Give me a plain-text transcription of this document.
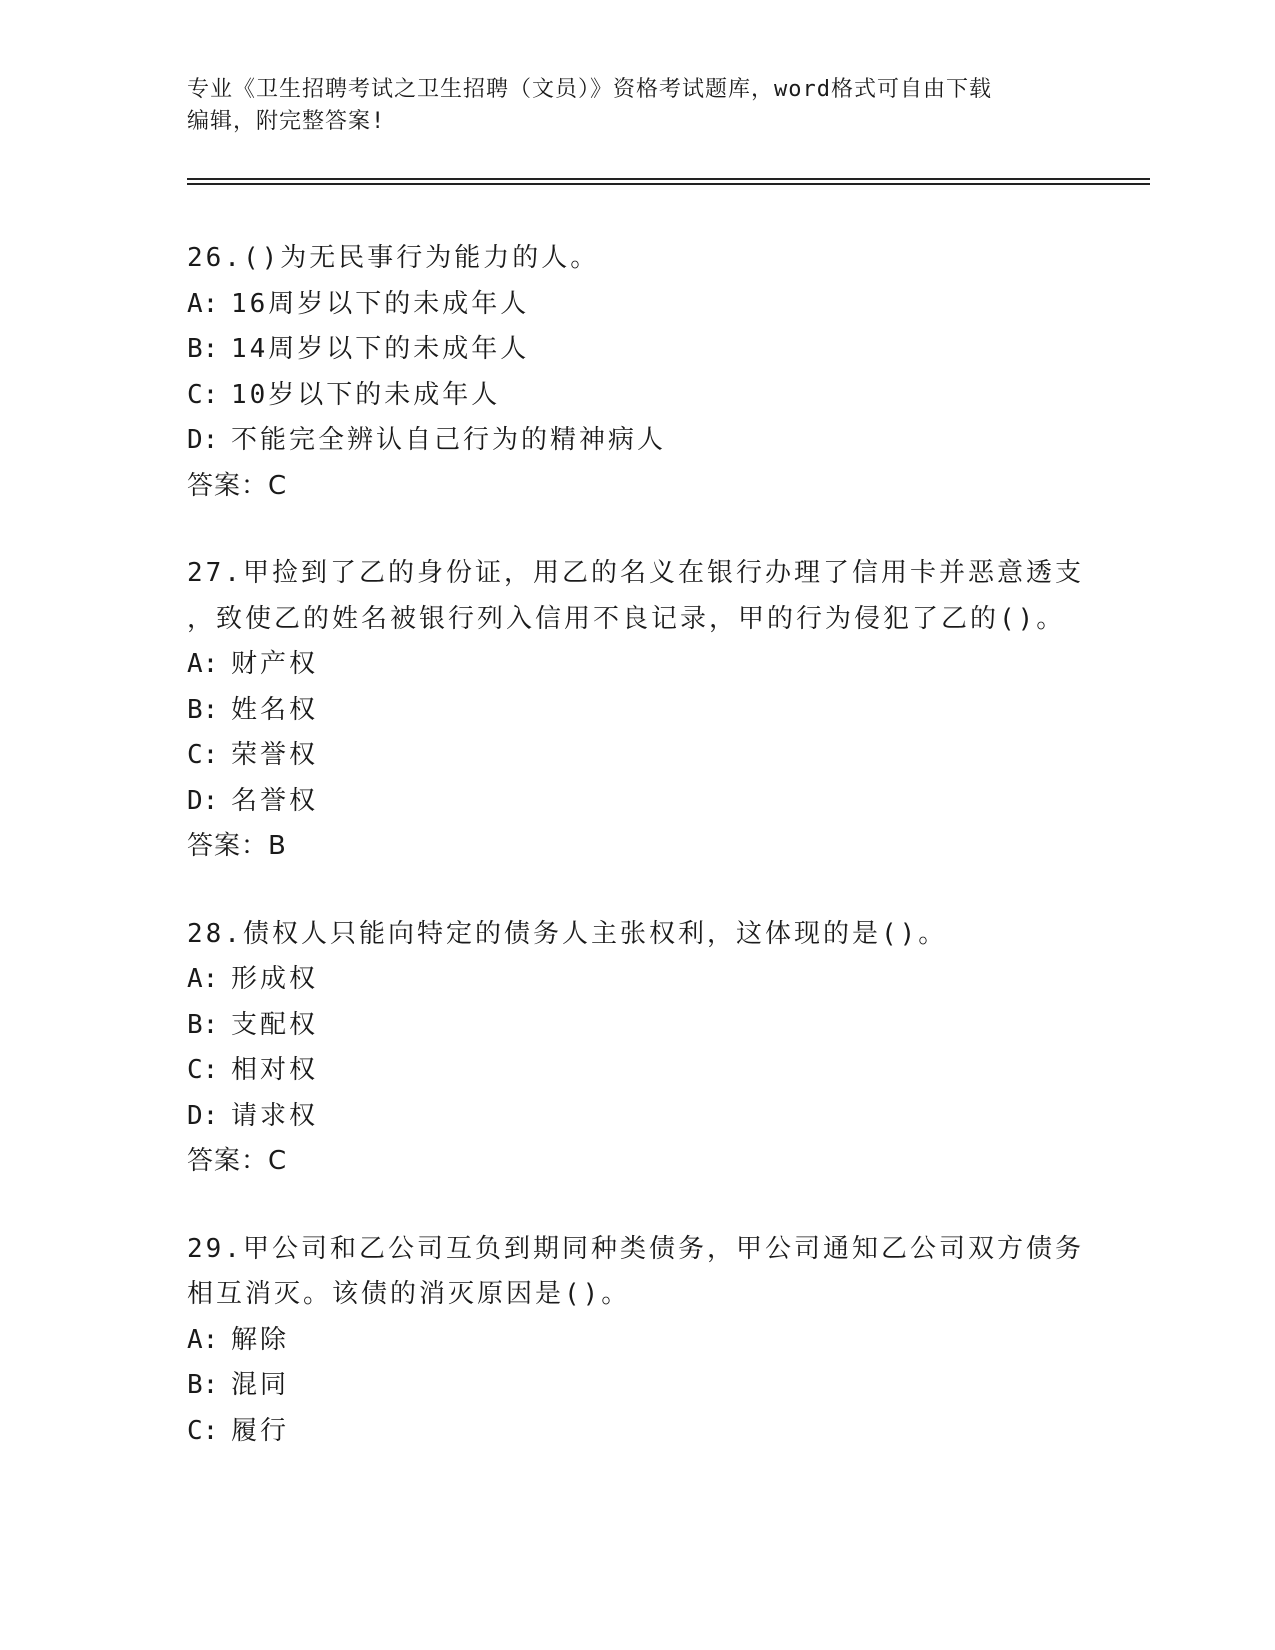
专业《卫生招聘考试之卫生招聘（文员）》资格考试题库，word格式可自由下载
编辑，附完整答案!
26.()为无民事行为能力的人。
A: 16周岁以下的未成年人
B: 14周岁以下的未成年人
C: 10岁以下的未成年人
D: 不能完全辨认自己行为的精神病人
答案：C
27.甲捡到了乙的身份证，用乙的名义在银行办理了信用卡并恶意透支
，致使乙的姓名被银行列入信用不良记录，甲的行为侵犯了乙的()。
A: 财产权
B: 姓名权
C: 荣誉权
D: 名誉权
答案：B
28.债权人只能向特定的债务人主张权利，这体现的是()。
A: 形成权
B: 支配权
C: 相对权
D: 请求权
答案：C
29.甲公司和乙公司互负到期同种类债务，甲公司通知乙公司双方债务
相互消灭。该债的消灭原因是()。
A: 解除
B: 混同
C: 履行
